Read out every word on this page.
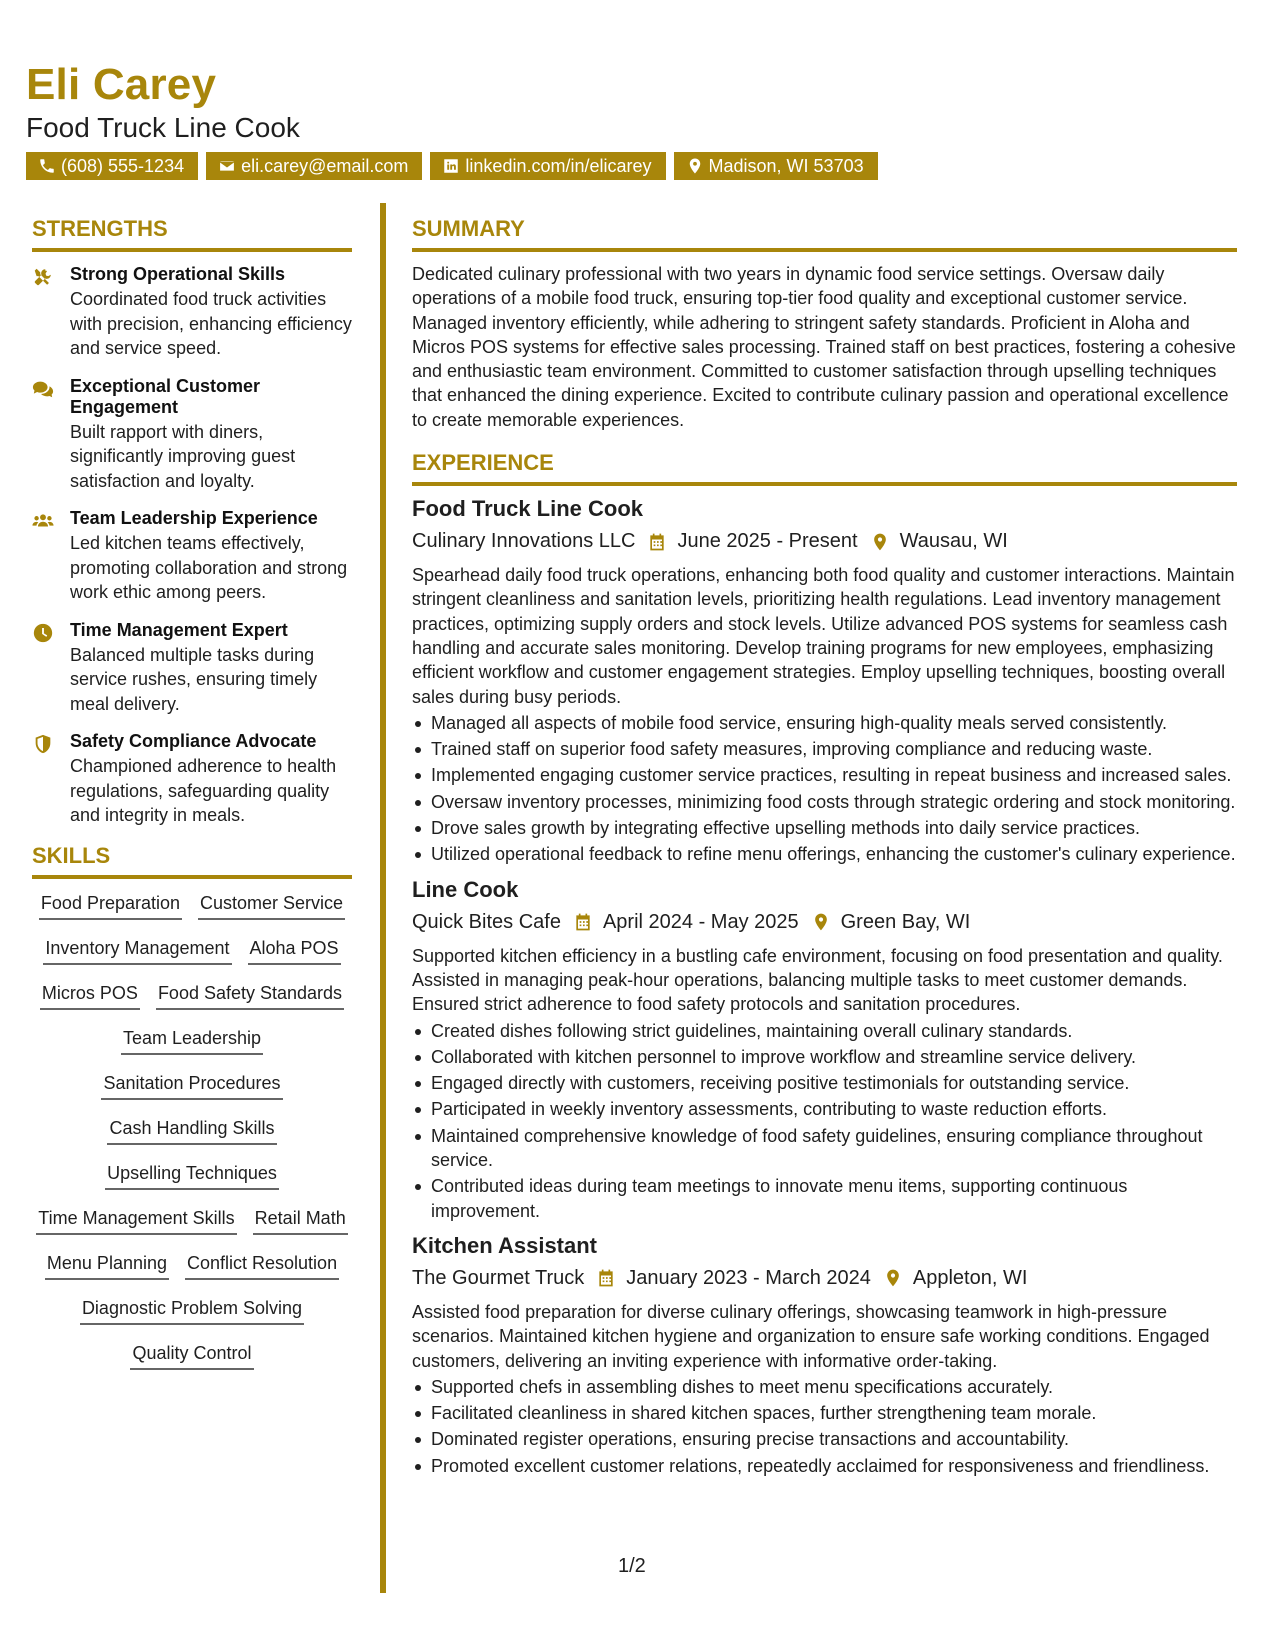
Eli Carey
Food Truck Line Cook
(608) 555-1234	eli.carey@email.com	linkedin.com/in/elicarey	Madison, WI 53703
STRENGTHS
Strong Operational Skills
Coordinated food truck activities with precision, enhancing efficiency and service speed.
Exceptional Customer Engagement
Built rapport with diners, significantly improving guest satisfaction and loyalty.
Team Leadership Experience
Led kitchen teams effectively, promoting collaboration and strong work ethic among peers.
Time Management Expert
Balanced multiple tasks during service rushes, ensuring timely meal delivery.
Safety Compliance Advocate
Championed adherence to health regulations, safeguarding quality and integrity in meals.
SKILLS
Food Preparation Customer Service
Inventory Management Aloha POS
Micros POS Food Safety Standards
Team Leadership
Sanitation Procedures
Cash Handling Skills
Upselling Techniques
Time Management Skills Retail Math
Menu Planning Conflict Resolution
Diagnostic Problem Solving
Quality Control
SUMMARY
Dedicated culinary professional with two years in dynamic food service settings. Oversaw daily operations of a mobile food truck, ensuring top-tier food quality and exceptional customer service. Managed inventory efficiently, while adhering to stringent safety standards. Proficient in Aloha and Micros POS systems for effective sales processing. Trained staff on best practices, fostering a cohesive and enthusiastic team environment. Committed to customer satisfaction through upselling techniques that enhanced the dining experience. Excited to contribute culinary passion and operational excellence to create memorable experiences.
EXPERIENCE
Food Truck Line Cook
Culinary Innovations LLC June 2025 - Present Wausau, WI
Spearhead daily food truck operations, enhancing both food quality and customer interactions. Maintain stringent cleanliness and sanitation levels, prioritizing health regulations. Lead inventory management practices, optimizing supply orders and stock levels. Utilize advanced POS systems for seamless cash handling and accurate sales monitoring. Develop training programs for new employees, emphasizing efficient workflow and customer engagement strategies. Employ upselling techniques, boosting overall sales during busy periods.
Managed all aspects of mobile food service, ensuring high-quality meals served consistently.
Trained staff on superior food safety measures, improving compliance and reducing waste.
Implemented engaging customer service practices, resulting in repeat business and increased sales.
Oversaw inventory processes, minimizing food costs through strategic ordering and stock monitoring.
Drove sales growth by integrating effective upselling methods into daily service practices.
Utilized operational feedback to refine menu offerings, enhancing the customer's culinary experience.
Line Cook
Quick Bites Cafe April 2024 - May 2025 Green Bay, WI
Supported kitchen efficiency in a bustling cafe environment, focusing on food presentation and quality. Assisted in managing peak-hour operations, balancing multiple tasks to meet customer demands. Ensured strict adherence to food safety protocols and sanitation procedures.
Created dishes following strict guidelines, maintaining overall culinary standards.
Collaborated with kitchen personnel to improve workflow and streamline service delivery.
Engaged directly with customers, receiving positive testimonials for outstanding service.
Participated in weekly inventory assessments, contributing to waste reduction efforts.
Maintained comprehensive knowledge of food safety guidelines, ensuring compliance throughout service.
Contributed ideas during team meetings to innovate menu items, supporting continuous improvement.
Kitchen Assistant
The Gourmet Truck January 2023 - March 2024 Appleton, WI
Assisted food preparation for diverse culinary offerings, showcasing teamwork in high-pressure scenarios. Maintained kitchen hygiene and organization to ensure safe working conditions. Engaged customers, delivering an inviting experience with informative order-taking.
Supported chefs in assembling dishes to meet menu specifications accurately.
Facilitated cleanliness in shared kitchen spaces, further strengthening team morale.
Dominated register operations, ensuring precise transactions and accountability.
Promoted excellent customer relations, repeatedly acclaimed for responsiveness and friendliness.
1/2
